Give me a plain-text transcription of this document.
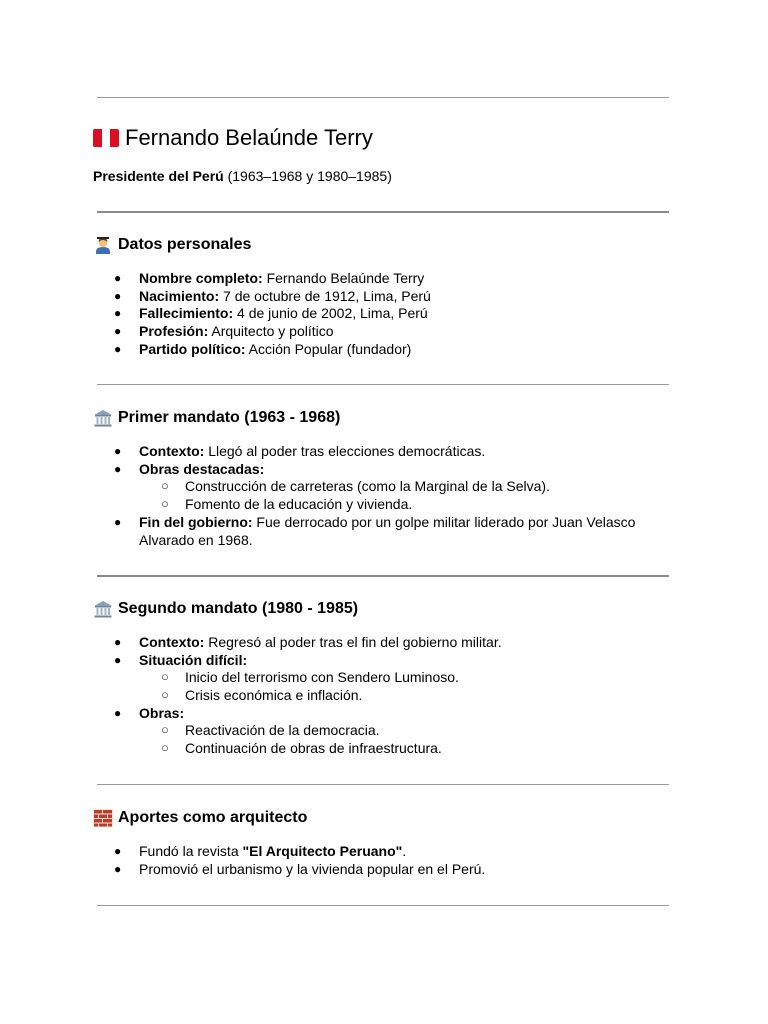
Fernando Belaúnde Terry
Presidente del Perú (1963–1968 y 1980–1985)
Datos personales
● Nombre completo: Fernando Belaúnde Terry
● Nacimiento: 7 de octubre de 1912, Lima, Perú
● Fallecimiento: 4 de junio de 2002, Lima, Perú
● Profesión: Arquitecto y político
● Partido político: Acción Popular (fundador)
Primer mandato (1963 - 1968)
● Contexto: Llegó al poder tras elecciones democráticas.
● Obras destacadas:
○ Construcción de carreteras (como la Marginal de la Selva).
○ Fomento de la educación y vivienda.
● Fin del gobierno: Fue derrocado por un golpe militar liderado por Juan Velasco
Alvarado en 1968.
Segundo mandato (1980 - 1985)
● Contexto: Regresó al poder tras el fin del gobierno militar.
● Situación difícil:
○ Inicio del terrorismo con Sendero Luminoso.
○ Crisis económica e inflación.
● Obras:
○ Reactivación de la democracia.
○ Continuación de obras de infraestructura.
Aportes como arquitecto
● Fundó la revista "El Arquitecto Peruano".
● Promovió el urbanismo y la vivienda popular en el Perú.
